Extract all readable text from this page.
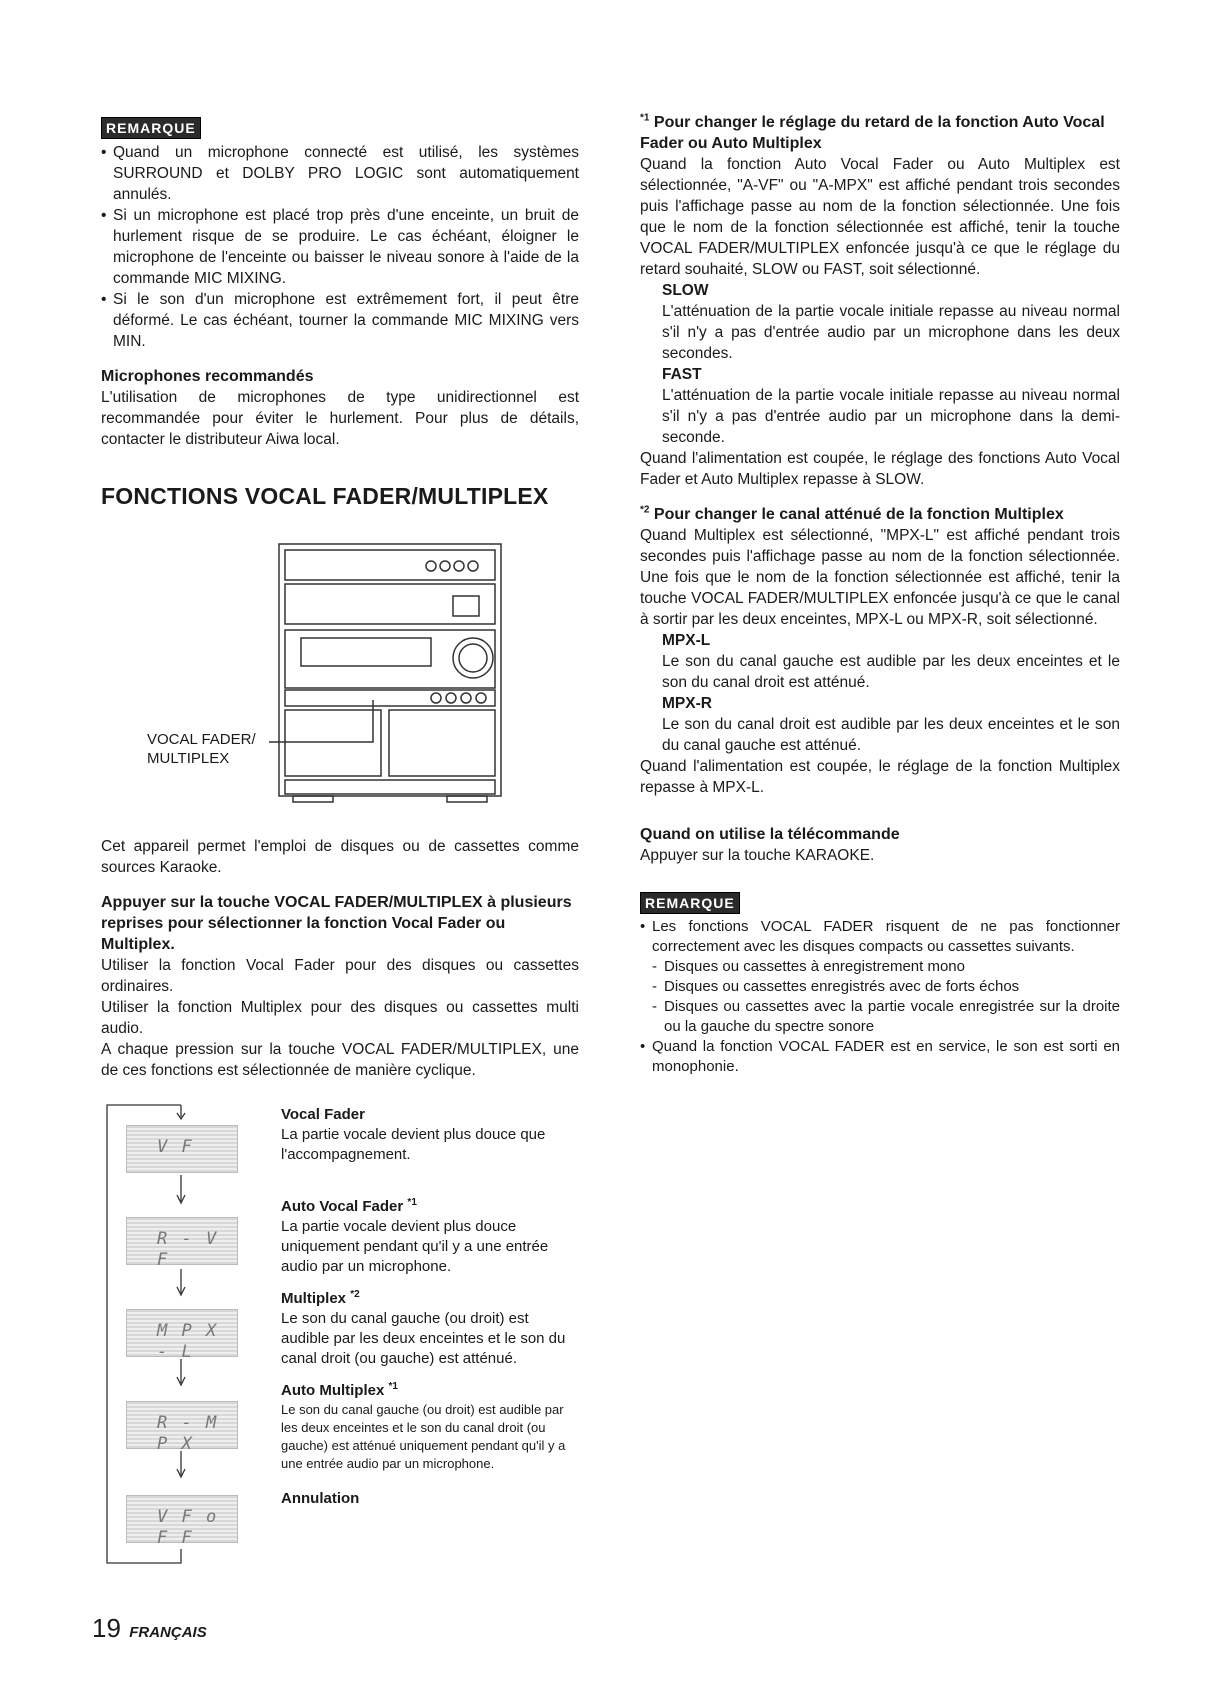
REMARQUE
• Quand un microphone connecté est utilisé, les systèmes SURROUND et DOLBY PRO LOGIC sont automatiquement annulés.
• Si un microphone est placé trop près d'une enceinte, un bruit de hurlement risque de se produire. Le cas échéant, éloigner le microphone de l'enceinte ou baisser le niveau sonore à l'aide de la commande MIC MIXING.
• Si le son d'un microphone est extrêmement fort, il peut être déformé. Le cas échéant, tourner la commande MIC MIXING vers MIN.
Microphones recommandés

L'utilisation de microphones de type unidirectionnel est recommandée pour éviter le hurlement. Pour plus de détails, contacter le distributeur Aiwa local.

FONCTIONS VOCAL FADER/MULTIPLEX
VOCAL FADER/
MULTIPLEX

Cet appareil permet l'emploi de disques ou de cassettes comme sources Karaoke.

Appuyer sur la touche VOCAL FADER/MULTIPLEX à plusieurs reprises pour sélectionner la fonction Vocal Fader ou Multiplex.

Utiliser la fonction Vocal Fader pour des disques ou cassettes ordinaires.

Utiliser la fonction Multiplex pour des disques ou cassettes multi audio.

A chaque pression sur la touche VOCAL FADER/MULTIPLEX, une de ces fonctions est sélectionnée de manière cyclique.

V F
R - V F
M P X - L
R - M P X
V F o F F
Vocal Fader
La partie vocale devient plus douce que l'accompagnement.
Auto Vocal Fader $^{*1}$
La partie vocale devient plus douce uniquement pendant qu'il y a une entrée audio par un microphone.
Multiplex $^{*2}$
Le son du canal gauche (ou droit) est audible par les deux enceintes et le son du canal droit (ou gauche) est atténué.
Auto Multiplex $^{*1}$
Le son du canal gauche (ou droit) est audible par les deux enceintes et le son du canal droit (ou gauche) est atténué uniquement pendant qu'il y a une entrée audio par un microphone.
Annulation
$^{*1}$ Pour changer le réglage du retard de la fonction Auto Vocal Fader ou Auto Multiplex

Quand la fonction Auto Vocal Fader ou Auto Multiplex est sélectionnée, "A-VF" ou "A-MPX" est affiché pendant trois secondes puis l'affichage passe au nom de la fonction sélectionnée. Une fois que le nom de la fonction sélectionnée est affiché, tenir la touche VOCAL FADER/MULTIPLEX enfoncée jusqu'à ce que le réglage du retard souhaité, SLOW ou FAST, soit sélectionné.

SLOW

L'atténuation de la partie vocale initiale repasse au niveau normal s'il n'y a pas d'entrée audio par un microphone dans les deux secondes.

FAST

L'atténuation de la partie vocale initiale repasse au niveau normal s'il n'y a pas d'entrée audio par un microphone dans la demi-seconde.

Quand l'alimentation est coupée, le réglage des fonctions Auto Vocal Fader et Auto Multiplex repasse à SLOW.

$^{*2}$ Pour changer le canal atténué de la fonction Multiplex

Quand Multiplex est sélectionné, "MPX-L" est affiché pendant trois secondes puis l'affichage passe au nom de la fonction sélectionnée. Une fois que le nom de la fonction sélectionnée est affiché, tenir la touche VOCAL FADER/MULTIPLEX enfoncée jusqu'à ce que le canal à sortir par les deux enceintes, MPX-L ou MPX-R, soit sélectionné.

MPX-L

Le son du canal gauche est audible par les deux enceintes et le son du canal droit est atténué.

MPX-R

Le son du canal droit est audible par les deux enceintes et le son du canal gauche est atténué.

Quand l'alimentation est coupée, le réglage de la fonction Multiplex repasse à MPX-L.

Quand on utilise la télécommande

Appuyer sur la touche KARAOKE.

REMARQUE
• Les fonctions VOCAL FADER risquent de ne pas fonctionner correctement avec les disques compacts ou cassettes suivants.
- Disques ou cassettes à enregistrement mono
- Disques ou cassettes enregistrés avec de forts échos
- Disques ou cassettes avec la partie vocale enregistrée sur la droite ou la gauche du spectre sonore
• Quand la fonction VOCAL FADER est en service, le son est sorti en monophonie.
19 FRANÇAIS
